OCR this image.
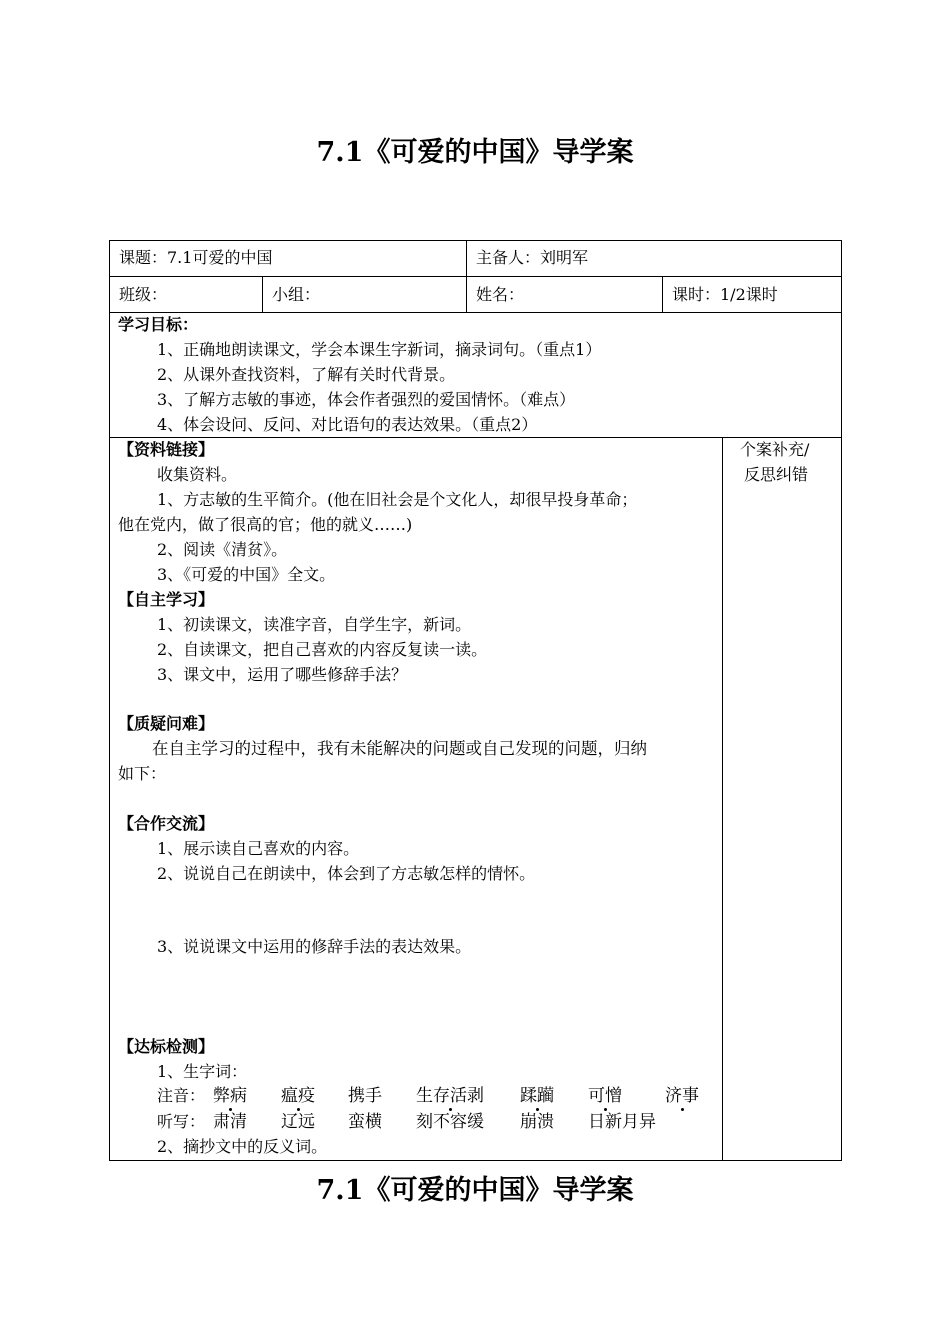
7.1《可爱的中国》导学案
课题：7.1可爱的中国	主备人：刘明军
班级：	小组：	姓名：	课时：1/2课时
学习目标：
1、正确地朗读课文，学会本课生字新词，摘录词句。（重点1）
2、从课外查找资料，了解有关时代背景。
3、了解方志敏的事迹，体会作者强烈的爱国情怀。（难点）
4、体会设问、反问、对比语句的表达效果。（重点2）
个案补充/
反思纠错
【资料链接】
收集资料。
1、方志敏的生平简介。(他在旧社会是个文化人，却很早投身革命；
他在党内，做了很高的官；他的就义……)
2、阅读《清贫》。
3、《可爱的中国》全文。
【自主学习】
1、初读课文，读准字音，自学生字，新词。
2、自读课文，把自己喜欢的内容反复读一读。
3、课文中，运用了哪些修辞手法？
【质疑问难】
在自主学习的过程中，我有未能解决的问题或自己发现的问题，归纳
如下：
【合作交流】
1、展示读自己喜欢的内容。
2、说说自己在朗读中，体会到了方志敏怎样的情怀。
3、说说课文中运用的修辞手法的表达效果。
【达标检测】
1、生字词：
注音： 弊病 瘟疫 携手 生存活剥 蹂躏 可憎	济事
听写： 肃清 辽远 蛮横 刻不容缓 崩溃 日新月异
2、摘抄文中的反义词。
7.1《可爱的中国》导学案
